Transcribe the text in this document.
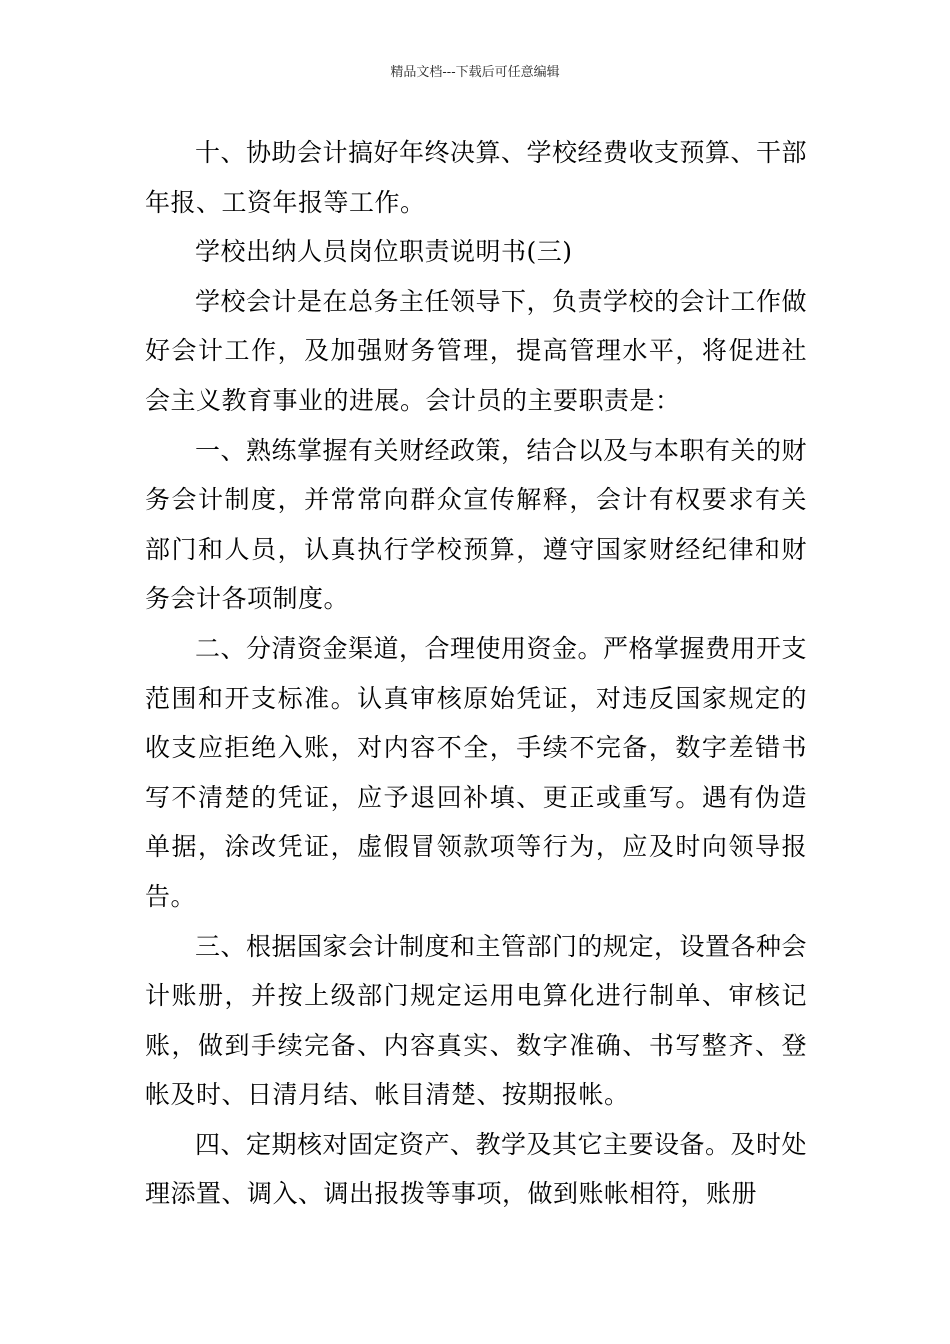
精品文档---下载后可任意编辑

十、协助会计搞好年终决算、学校经费收支预算、干部年报、工资年报等工作。

学校出纳人员岗位职责说明书(三)

学校会计是在总务主任领导下，负责学校的会计工作做好会计工作，及加强财务管理，提高管理水平，将促进社会主义教育事业的进展。会计员的主要职责是：

一、熟练掌握有关财经政策，结合以及与本职有关的财务会计制度，并常常向群众宣传解释，会计有权要求有关部门和人员，认真执行学校预算，遵守国家财经纪律和财务会计各项制度。

二、分清资金渠道，合理使用资金。严格掌握费用开支范围和开支标准。认真审核原始凭证，对违反国家规定的收支应拒绝入账，对内容不全，手续不完备，数字差错书写不清楚的凭证，应予退回补填、更正或重写。遇有伪造单据，涂改凭证，虚假冒领款项等行为，应及时向领导报告。

三、根据国家会计制度和主管部门的规定，设置各种会计账册，并按上级部门规定运用电算化进行制单、审核记账，做到手续完备、内容真实、数字准确、书写整齐、登帐及时、日清月结、帐目清楚、按期报帐。

四、定期核对固定资产、教学及其它主要设备。及时处理添置、调入、调出报拨等事项，做到账帐相符，账册
